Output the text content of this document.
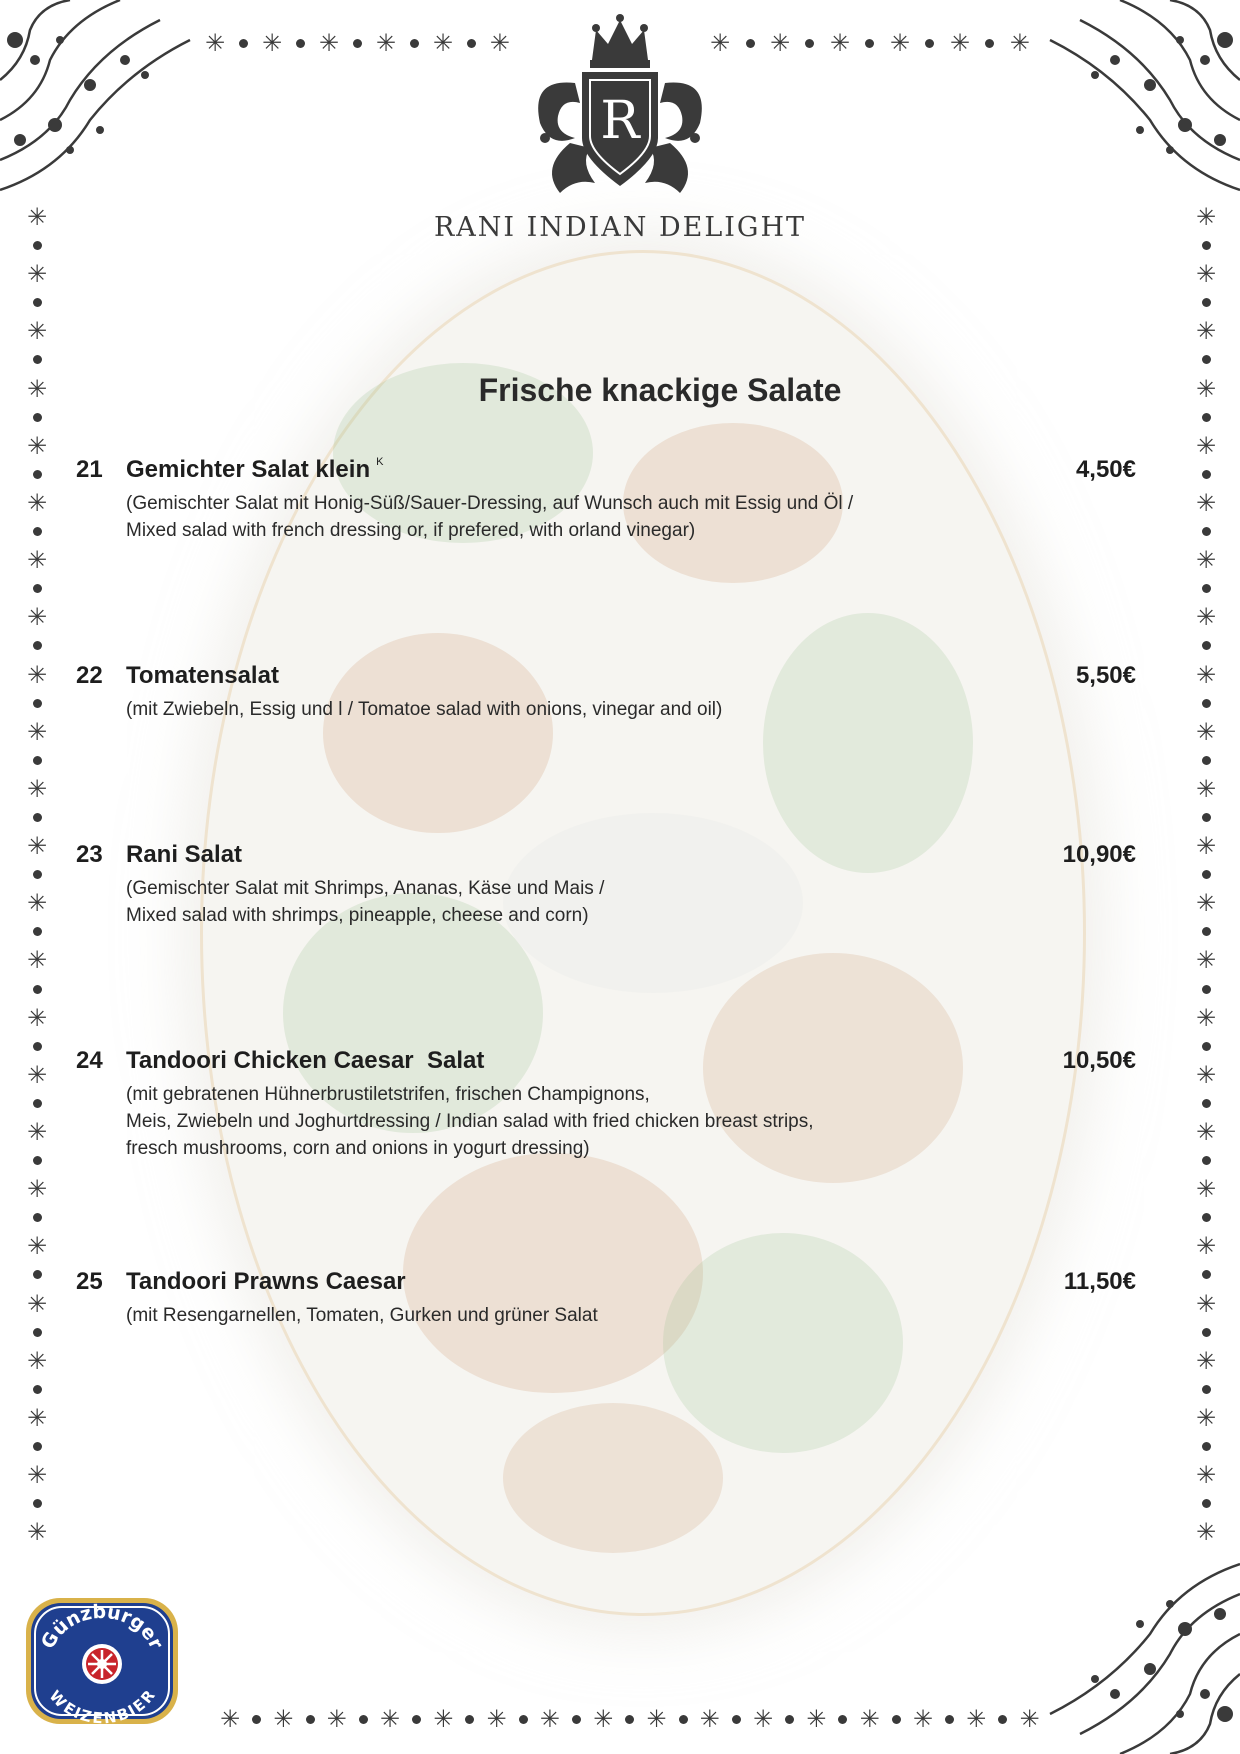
✳ ✳ ✳ ✳ ✳ ✳	✳ ✳ ✳ ✳ ✳ ✳
✳ ✳ ✳ ✳ ✳ ✳ ✳ ✳ ✳ ✳ ✳ ✳ ✳ ✳ ✳ ✳
✳
✳
✳
✳
✳
✳
✳
✳
✳
✳
✳
✳
✳
✳
✳
✳
✳
✳
✳
✳
✳
✳
✳
✳
✳
✳
✳
✳
✳
✳
✳
✳
✳
✳
✳
✳
✳
✳
✳
✳
✳
✳
✳
✳
✳
✳
✳
✳
R
RANI INDIAN DELIGHT
Frische knackige Salate
21 Gemichter Salat klein $^K$	4,50€
(Gemischter Salat mit Honig-Süß/Sauer-Dressing, auf Wunsch auch mit Essig und Öl /
Mixed salad with french dressing or, if prefered, with orland vinegar)
22 Tomatensalat	5,50€
(mit Zwiebeln, Essig und l / Tomatoe salad with onions, vinegar and oil)
23 Rani Salat	10,90€
(Gemischter Salat mit Shrimps, Ananas, Käse und Mais /
Mixed salad with shrimps, pineapple, cheese and corn)
24 Tandoori Chicken Caesar  Salat	10,50€
(mit gebratenen Hühnerbrustiletstrifen, frischen Champignons,
Meis, Zwiebeln und Joghurtdressing / Indian salad with fried chicken breast strips,
fresch mushrooms, corn and onions in yogurt dressing)
25 Tandoori Prawns Caesar	11,50€
(mit Resengarnellen, Tomaten, Gurken und grüner Salat
Günzburger
WEIZENBIER
